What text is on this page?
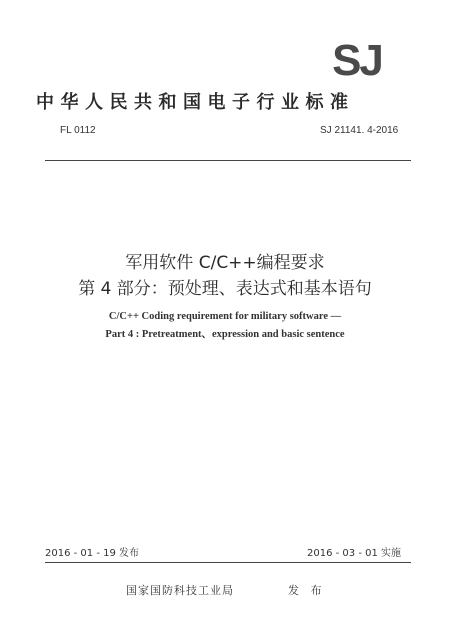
SJ
中华人民共和国电子行业标准
FL 0112	SJ 21141. 4-2016
军用软件 C/C++编程要求
第 4 部分：预处理、表达式和基本语句
C/C++ Coding requirement for military software —
Part 4 : Pretreatment、expression and basic sentence
2016 - 01 - 19 发布	2016 - 03 - 01 实施
国家国防科技工业局	发 布
